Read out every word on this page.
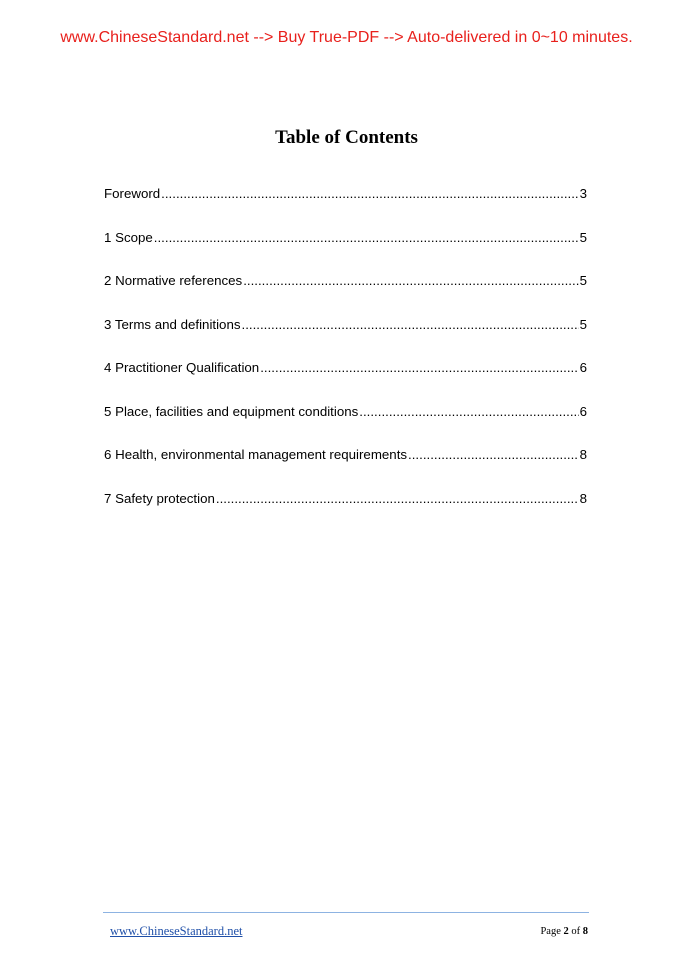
www.ChineseStandard.net --> Buy True-PDF --> Auto-delivered in 0~10 minutes.
Table of Contents
Foreword .....	3
1 Scope .....	5
2 Normative references .....	5
3 Terms and definitions .....	5
4 Practitioner Qualification .....	6
5 Place, facilities and equipment conditions .....	6
6 Health, environmental management requirements .....	8
7 Safety protection .....	8
www.ChineseStandard.net	Page 2 of 8
